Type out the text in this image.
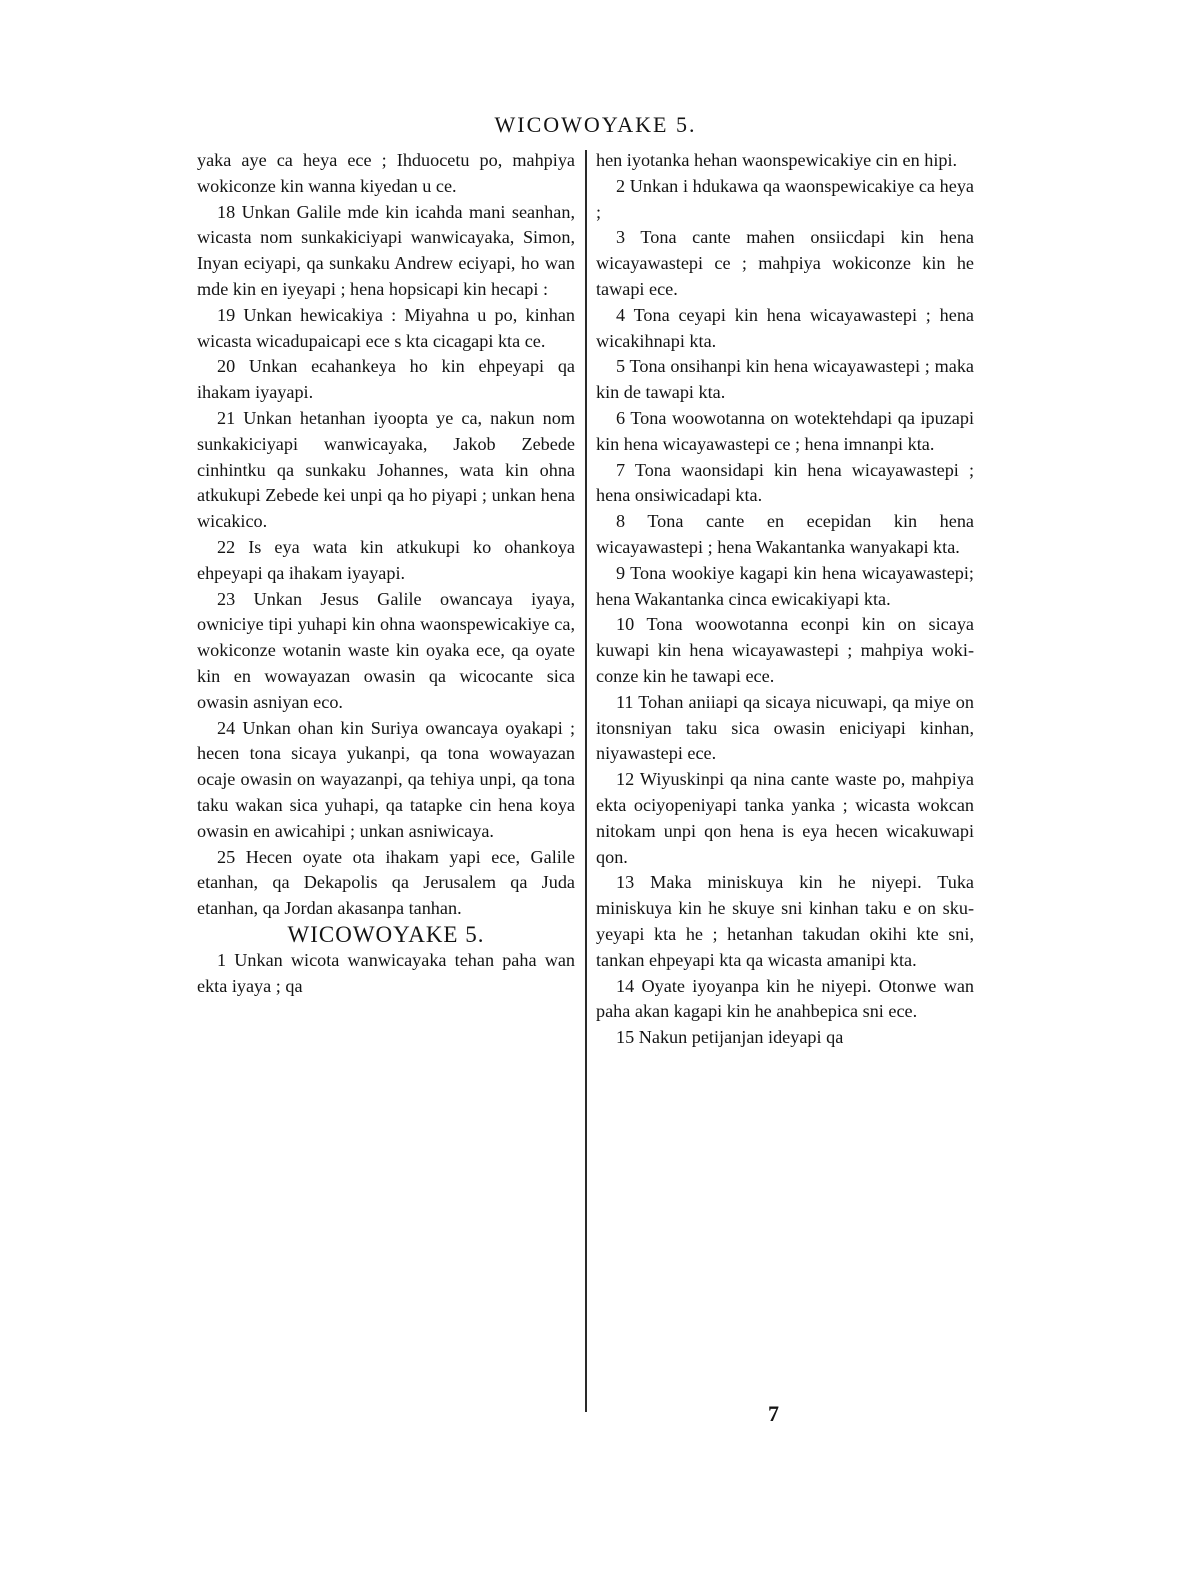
WICOWOYAKE 5.

yaka aye ca heya ece ; Ihduocetu po, mahpiya wokiconze kin wanna kiyedan u ce.

18 Unkan Galile mde kin icahda mani seanhan, wicasta nom sunkakiciyapi wanwicayaka, Simon, Inyan eciyapi, qa sunkaku Andrew eciyapi, ho wan mde kin en iyeyapi ; hena hopsicapi kin hecapi :

19 Unkan hewicakiya : Miyahna u po, kinhan wicasta wicadupaicapi ece s kta cicagapi kta ce.

20 Unkan ecahankeya ho kin ehpeyapi qa ihakam iyayapi.

21 Unkan hetanhan iyoopta ye ca, nakun nom sunkakiciyapi wanwicayaka, Jakob Zebede cinhintku qa sunkaku Johannes, wata kin ohna atkukupi Zebede kei unpi qa ho piyapi ; unkan hena wicakico.

22 Is eya wata kin atkukupi ko ohankoya ehpeyapi qa ihakam iyayapi.

23 Unkan Jesus Galile owancaya iyaya, owniciye tipi yuhapi kin ohna waonspewicakiye ca, wokiconze wotanin waste kin oyaka ece, qa oyate kin en wowayazan owasin qa wicocante sica owasin asniyan eco.

24 Unkan ohan kin Suriya owancaya oyakapi ; hecen tona sicaya yukanpi, qa tona wowayazan ocaje owasin on wayazanpi, qa tehiya unpi, qa tona taku wakan sica yuhapi, qa tatapke cin hena koya owasin en awicahipi ; unkan asniwicaya.

25 Hecen oyate ota ihakam yapi ece, Galile etanhan, qa Dekapolis qa Jerusalem qa Juda etanhan, qa Jordan akasanpa tanhan.

WICOWOYAKE 5.

1 Unkan wicota wanwicayaka tehan paha wan ekta iyaya ; qa

hen iyotanka hehan waonspewicakiye cin en hipi.

2 Unkan i hdukawa qa waonspewicakiye ca heya ;

3 Tona cante mahen onsiicdapi kin hena wicayawastepi ce ; mahpiya wokiconze kin he tawapi ece.

4 Tona ceyapi kin hena wicayawastepi ; hena wicakihnapi kta.

5 Tona onsihanpi kin hena wicayawastepi ; maka kin de tawapi kta.

6 Tona woowotanna on wotektehdapi qa ipuzapi kin hena wicayawastepi ce ; hena imnanpi kta.

7 Tona waonsidapi kin hena wicayawastepi ; hena onsiwicadapi kta.

8 Tona cante en ecepidan kin hena wicayawastepi ; hena Wakantanka wanyakapi kta.

9 Tona wookiye kagapi kin hena wicayawastepi; hena Wakantanka cinca ewicakiyapi kta.

10 Tona woowotanna econpi kin on sicaya kuwapi kin hena wicayawastepi ; mahpiya wokiconze kin he tawapi ece.

11 Tohan aniiapi qa sicaya nicuwapi, qa miye on itonsniyan taku sica owasin eniciyapi kinhan, niyawastepi ece.

12 Wiyuskinpi qa nina cante waste po, mahpiya ekta ociyopeniyapi tanka yanka ; wicasta wokcan nitokam unpi qon hena is eya hecen wicakuwapi qon.

13 Maka miniskuya kin he niyepi. Tuka miniskuya kin he skuye sni kinhan taku e on skuyeyapi kta he ; hetanhan takudan okihi kte sni, tankan ehpeyapi kta qa wicasta amanipi kta.

14 Oyate iyoyanpa kin he niyepi. Otonwe wan paha akan kagapi kin he anahbepica sni ece.

15 Nakun petijanjan ideyapi qa

7
